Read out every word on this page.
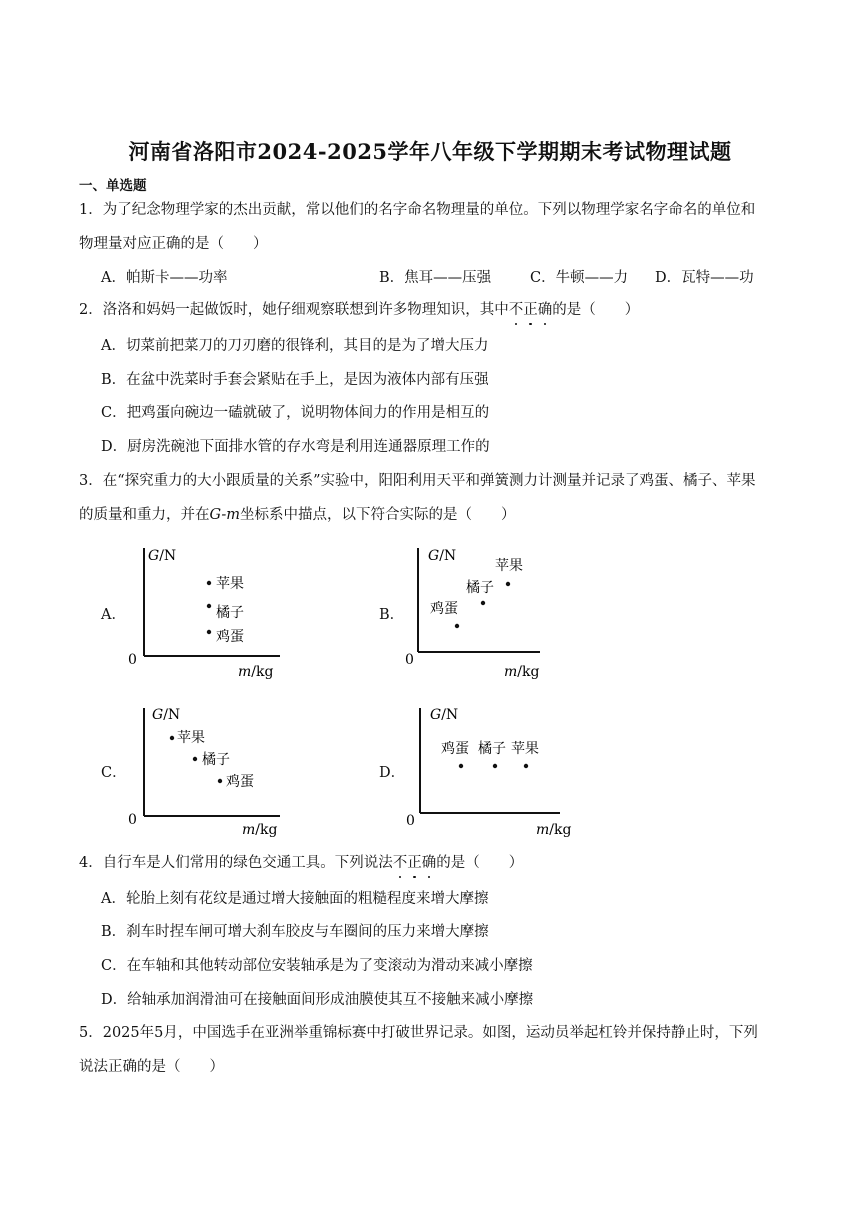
河南省洛阳市2024-2025学年八年级下学期期末考试物理试题
一、单选题
1．为了纪念物理学家的杰出贡献，常以他们的名字命名物理量的单位。下列以物理学家名字命名的单位和
物理量对应正确的是（　　）
A．帕斯卡——功率	B．焦耳——压强	C．牛顿——力 D．瓦特——功
2．洛洛和妈妈一起做饭时，她仔细观察联想到许多物理知识，其中不正确的是（　　）
A．切菜前把菜刀的刀刃磨的很锋利，其目的是为了增大压力
B．在盆中洗菜时手套会紧贴在手上，是因为液体内部有压强
C．把鸡蛋向碗边一磕就破了，说明物体间力的作用是相互的
D．厨房洗碗池下面排水管的存水弯是利用连通器原理工作的
3．在“探究重力的大小跟质量的关系”实验中，阳阳利用天平和弹簧测力计测量并记录了鸡蛋、橘子、苹果
的质量和重力，并在G-m坐标系中描点，以下符合实际的是（　　）
A．	B．
C．	D．
G/N
0
m/kg
苹果
橘子
鸡蛋
G/N
0
m/kg
苹果
橘子
鸡蛋
G/N
0
m/kg
苹果
橘子
鸡蛋
G/N
0
m/kg
鸡蛋 橘子 苹果
4．自行车是人们常用的绿色交通工具。下列说法不正确的是（　　）
A．轮胎上刻有花纹是通过增大接触面的粗糙程度来增大摩擦
B．刹车时捏车闸可增大刹车胶皮与车圈间的压力来增大摩擦
C．在车轴和其他转动部位安装轴承是为了变滚动为滑动来减小摩擦
D．给轴承加润滑油可在接触面间形成油膜使其互不接触来减小摩擦
5．2025年5月，中国选手在亚洲举重锦标赛中打破世界记录。如图，运动员举起杠铃并保持静止时，下列
说法正确的是（　　）
